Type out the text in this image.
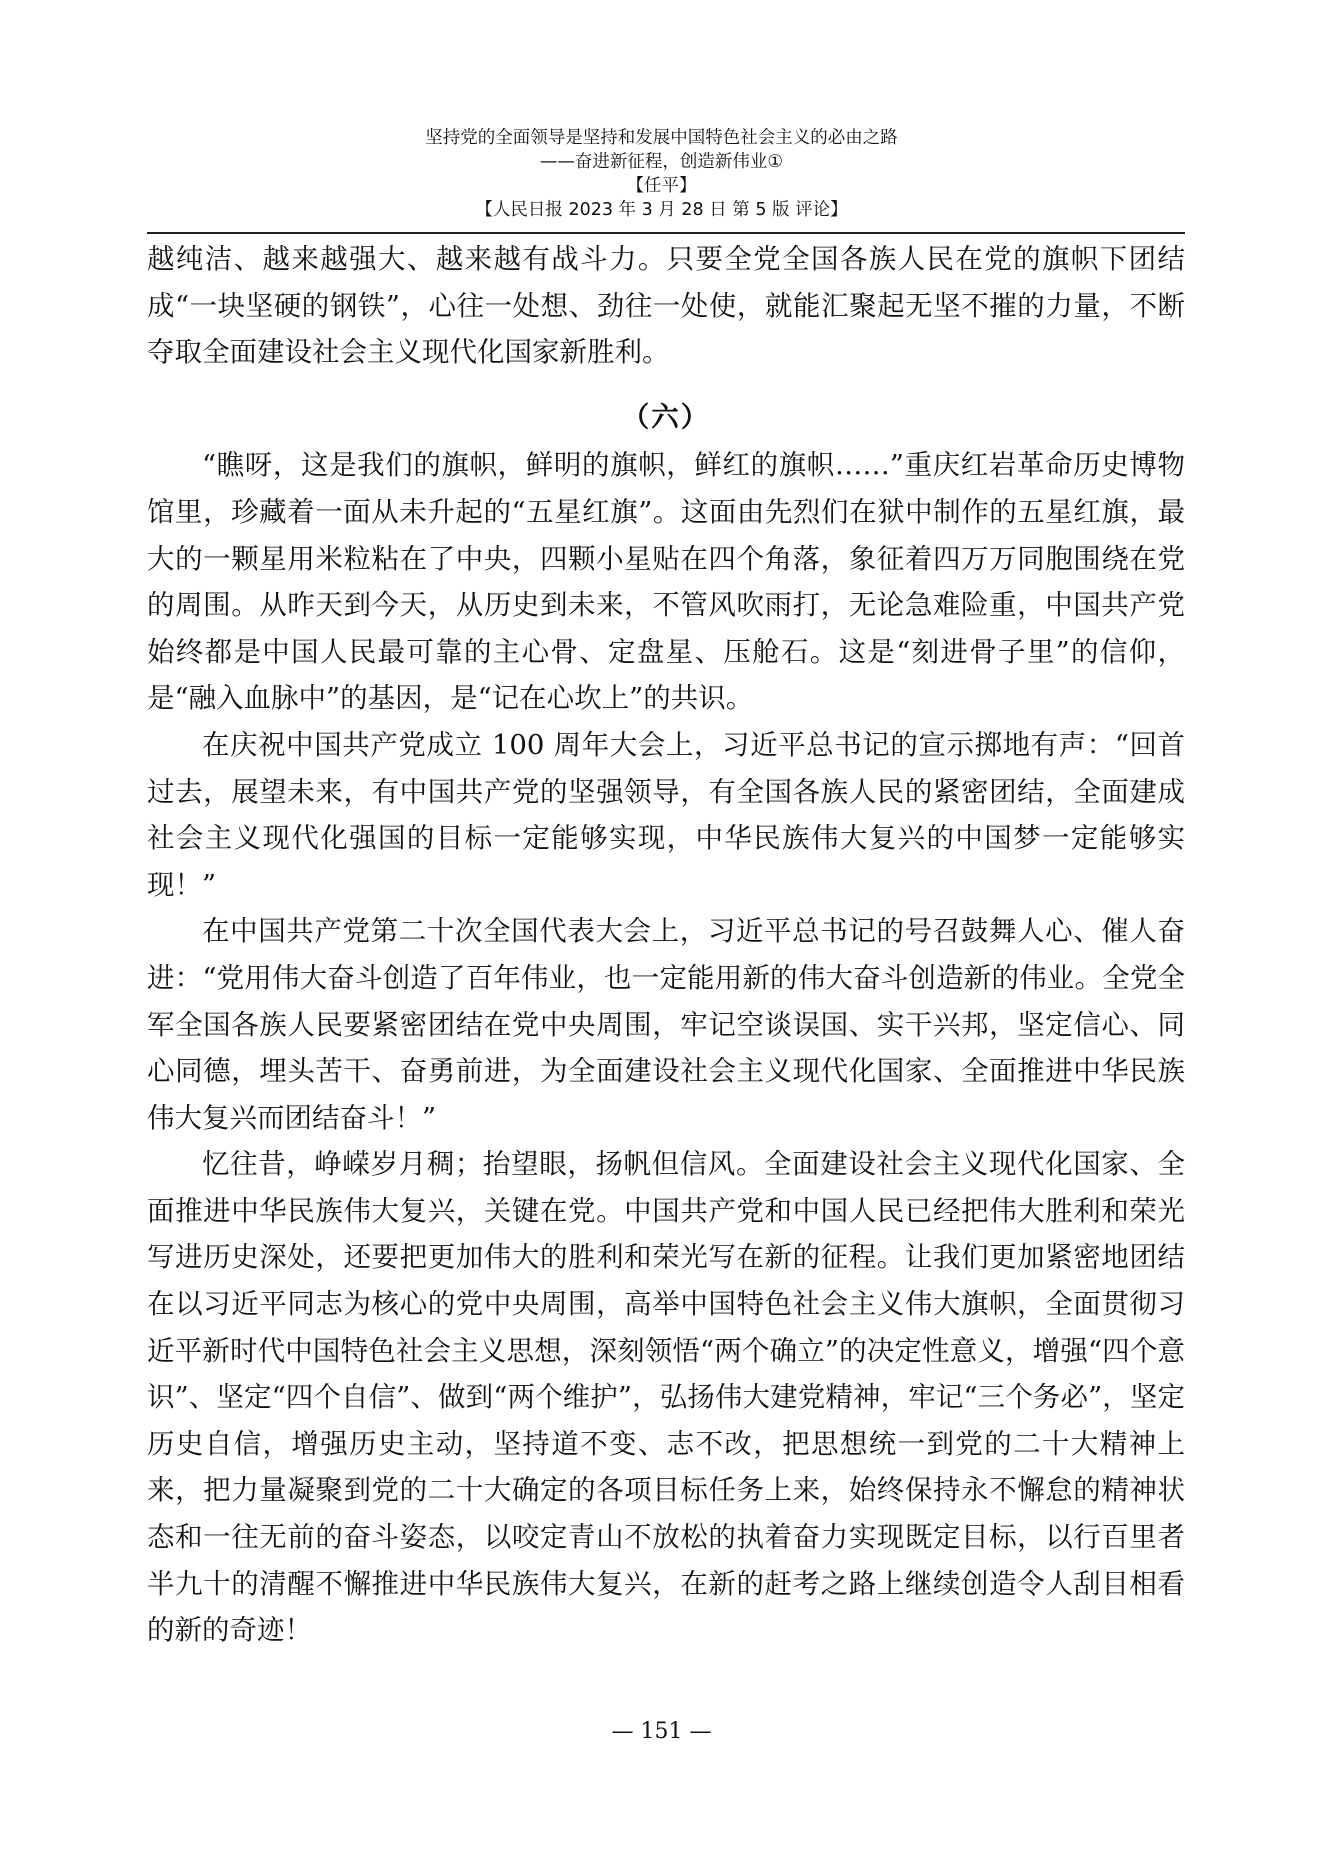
坚持党的全面领导是坚持和发展中国特色社会主义的必由之路
——奋进新征程，创造新伟业①
【任平】
【人民日报 2023 年 3 月 28 日 第 5 版 评论】

越纯洁、越来越强大、越来越有战斗力。只要全党全国各族人民在党的旗帜下团结成“一块坚硬的钢铁”，心往一处想、劲往一处使，就能汇聚起无坚不摧的力量，不断夺取全面建设社会主义现代化国家新胜利。

（六）

“瞧呀，这是我们的旗帜，鲜明的旗帜，鲜红的旗帜……”重庆红岩革命历史博物馆里，珍藏着一面从未升起的“五星红旗”。这面由先烈们在狱中制作的五星红旗，最大的一颗星用米粒粘在了中央，四颗小星贴在四个角落，象征着四万万同胞围绕在党的周围。从昨天到今天，从历史到未来，不管风吹雨打，无论急难险重，中国共产党始终都是中国人民最可靠的主心骨、定盘星、压舱石。这是“刻进骨子里”的信仰，是“融入血脉中”的基因，是“记在心坎上”的共识。

在庆祝中国共产党成立 100 周年大会上，习近平总书记的宣示掷地有声：“回首过去，展望未来，有中国共产党的坚强领导，有全国各族人民的紧密团结，全面建成社会主义现代化强国的目标一定能够实现，中华民族伟大复兴的中国梦一定能够实现！”

在中国共产党第二十次全国代表大会上，习近平总书记的号召鼓舞人心、催人奋进：“党用伟大奋斗创造了百年伟业，也一定能用新的伟大奋斗创造新的伟业。全党全军全国各族人民要紧密团结在党中央周围，牢记空谈误国、实干兴邦，坚定信心、同心同德，埋头苦干、奋勇前进，为全面建设社会主义现代化国家、全面推进中华民族伟大复兴而团结奋斗！”

忆往昔，峥嵘岁月稠；抬望眼，扬帆但信风。全面建设社会主义现代化国家、全面推进中华民族伟大复兴，关键在党。中国共产党和中国人民已经把伟大胜利和荣光写进历史深处，还要把更加伟大的胜利和荣光写在新的征程。让我们更加紧密地团结在以习近平同志为核心的党中央周围，高举中国特色社会主义伟大旗帜，全面贯彻习近平新时代中国特色社会主义思想，深刻领悟“两个确立”的决定性意义，增强“四个意识”、坚定“四个自信”、做到“两个维护”，弘扬伟大建党精神，牢记“三个务必”，坚定历史自信，增强历史主动，坚持道不变、志不改，把思想统一到党的二十大精神上来，把力量凝聚到党的二十大确定的各项目标任务上来，始终保持永不懈怠的精神状态和一往无前的奋斗姿态，以咬定青山不放松的执着奋力实现既定目标，以行百里者半九十的清醒不懈推进中华民族伟大复兴，在新的赶考之路上继续创造令人刮目相看的新的奇迹！

— 151 —
